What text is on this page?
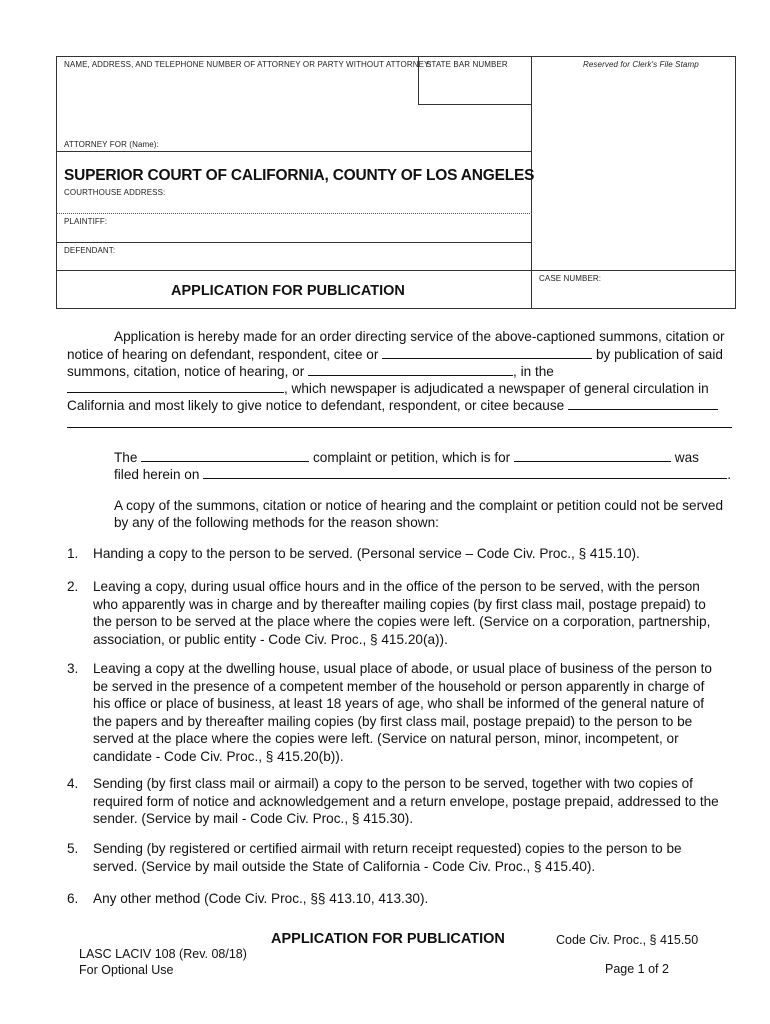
NAME, ADDRESS, AND TELEPHONE NUMBER OF ATTORNEY OR PARTY WITHOUT ATTORNEY:
STATE BAR NUMBER	Reserved for Clerk's File Stamp
ATTORNEY FOR (Name):
SUPERIOR COURT OF CALIFORNIA, COUNTY OF LOS ANGELES
COURTHOUSE ADDRESS:
PLAINTIFF:
DEFENDANT:
CASE NUMBER:
APPLICATION FOR PUBLICATION
Application is hereby made for an order directing service of the above-captioned summons, citation or
notice of hearing on defendant, respondent, citee or	by publication of said
summons, citation, notice of hearing, or	, in the
, which newspaper is adjudicated a newspaper of general circulation in
California and most likely to give notice to defendant, respondent, or citee because
The	complaint or petition, which is for	was
filed herein on	.
A copy of the summons, citation or notice of hearing and the complaint or petition could not be served
by any of the following methods for the reason shown:
1. Handing a copy to the person to be served. (Personal service – Code Civ. Proc., § 415.10).
2. Leaving a copy, during usual office hours and in the office of the person to be served, with the person
who apparently was in charge and by thereafter mailing copies (by first class mail, postage prepaid) to
the person to be served at the place where the copies were left. (Service on a corporation, partnership,
association, or public entity - Code Civ. Proc., § 415.20(a)).
3. Leaving a copy at the dwelling house, usual place of abode, or usual place of business of the person to
be served in the presence of a competent member of the household or person apparently in charge of
his office or place of business, at least 18 years of age, who shall be informed of the general nature of
the papers and by thereafter mailing copies (by first class mail, postage prepaid) to the person to be
served at the place where the copies were left. (Service on natural person, minor, incompetent, or
candidate - Code Civ. Proc., § 415.20(b)).
4. Sending (by first class mail or airmail) a copy to the person to be served, together with two copies of
required form of notice and acknowledgement and a return envelope, postage prepaid, addressed to the
sender. (Service by mail - Code Civ. Proc., § 415.30).
5. Sending (by registered or certified airmail with return receipt requested) copies to the person to be
served. (Service by mail outside the State of California - Code Civ. Proc., § 415.40).
6. Any other method (Code Civ. Proc., §§ 413.10, 413.30).
APPLICATION FOR PUBLICATION	Code Civ. Proc., § 415.50
LASC LACIV 108 (Rev. 08/18)
For Optional Use	Page 1 of 2
